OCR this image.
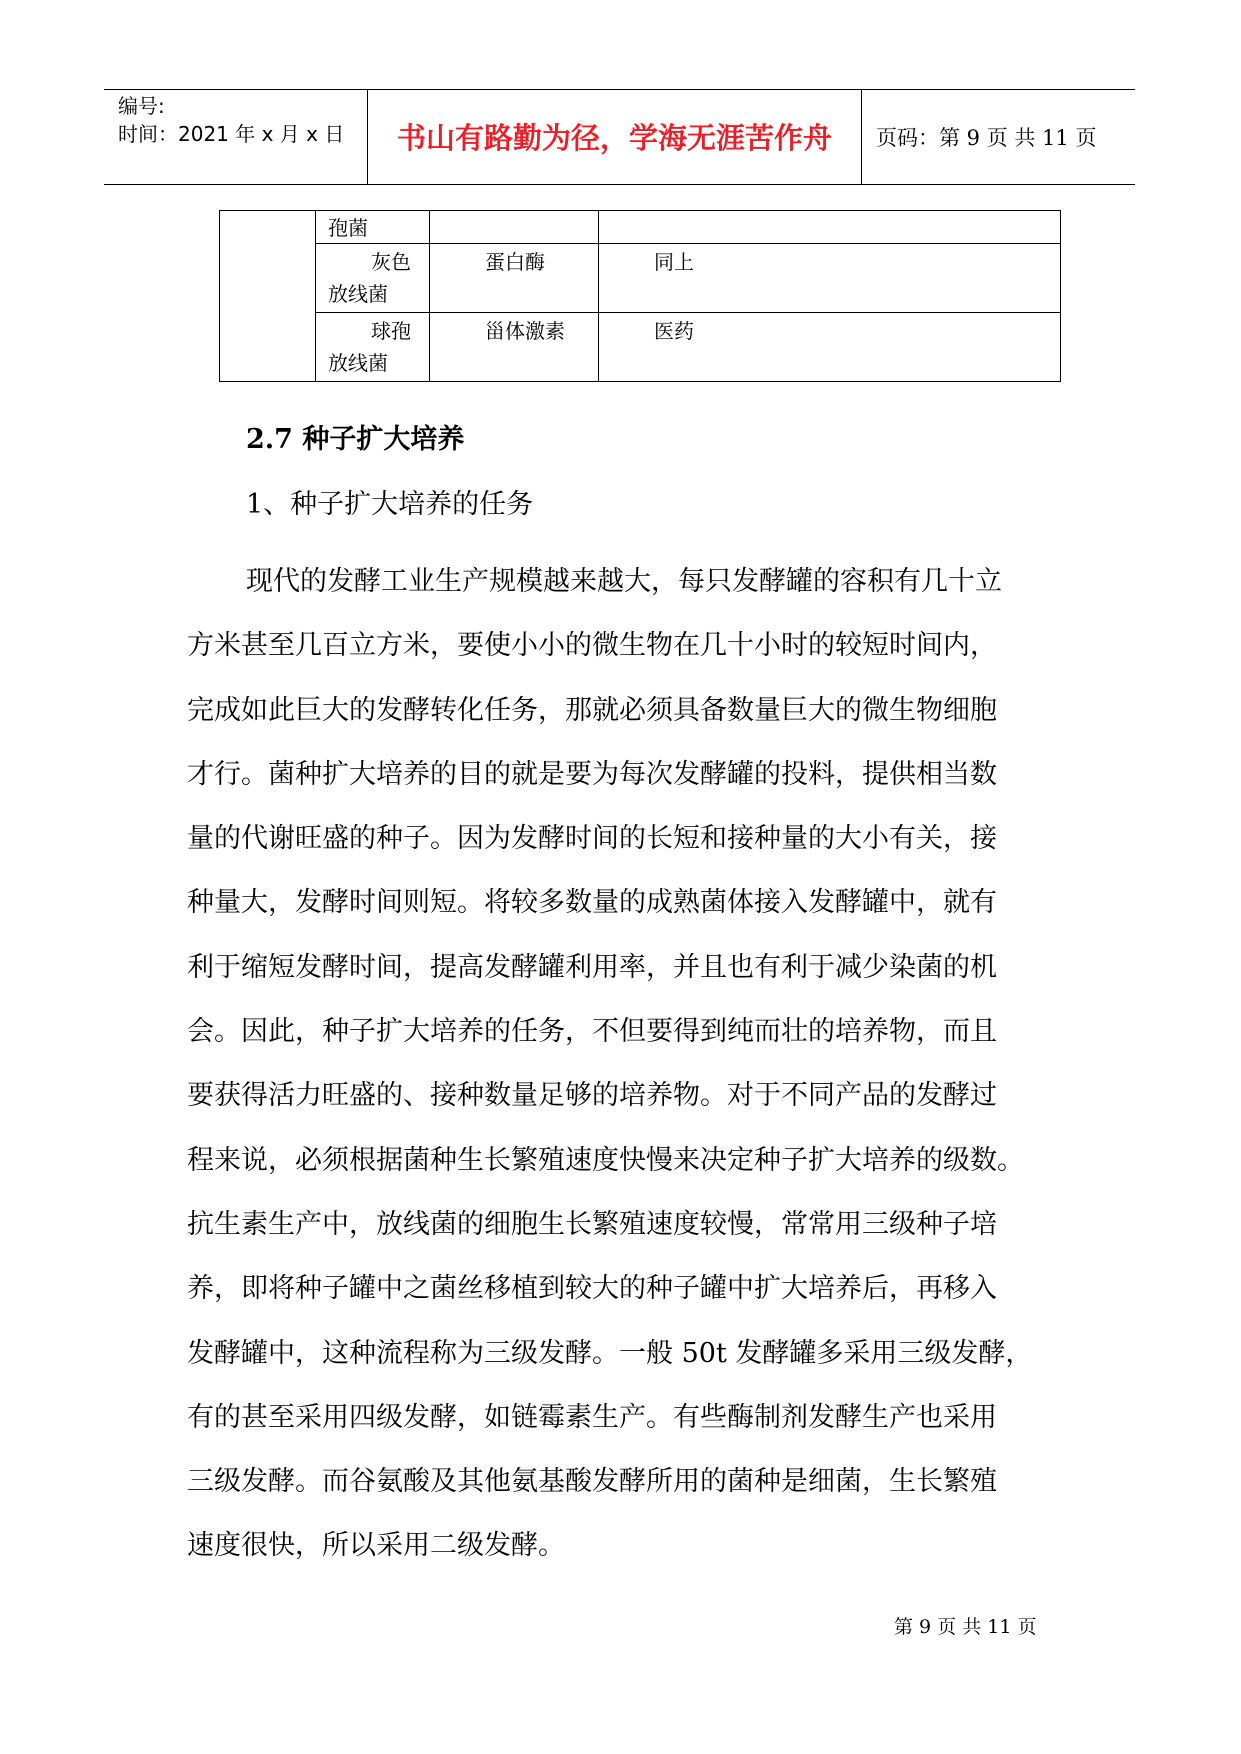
编号:
时间：2021 年 x 月 x 日	书山有路勤为径，学海无涯苦作舟	页码：第 9 页 共 11 页

	孢菌		

	灰色
放线菌	蛋白酶	同上

	球孢
放线菌	甾体激素	医药
2.7 种子扩大培养
1、种子扩大培养的任务
现代的发酵工业生产规模越来越大，每只发酵罐的容积有几十立
方米甚至几百立方米，要使小小的微生物在几十小时的较短时间内，
完成如此巨大的发酵转化任务，那就必须具备数量巨大的微生物细胞
才行。菌种扩大培养的目的就是要为每次发酵罐的投料，提供相当数
量的代谢旺盛的种子。因为发酵时间的长短和接种量的大小有关，接
种量大，发酵时间则短。将较多数量的成熟菌体接入发酵罐中，就有
利于缩短发酵时间，提高发酵罐利用率，并且也有利于减少染菌的机
会。因此，种子扩大培养的任务，不但要得到纯而壮的培养物，而且
要获得活力旺盛的、接种数量足够的培养物。对于不同产品的发酵过
程来说，必须根据菌种生长繁殖速度快慢来决定种子扩大培养的级数。
抗生素生产中，放线菌的细胞生长繁殖速度较慢，常常用三级种子培
养，即将种子罐中之菌丝移植到较大的种子罐中扩大培养后，再移入
发酵罐中，这种流程称为三级发酵。一般 50t 发酵罐多采用三级发酵，
有的甚至采用四级发酵，如链霉素生产。有些酶制剂发酵生产也采用
三级发酵。而谷氨酸及其他氨基酸发酵所用的菌种是细菌，生长繁殖
速度很快，所以采用二级发酵。
第 9 页 共 11 页
